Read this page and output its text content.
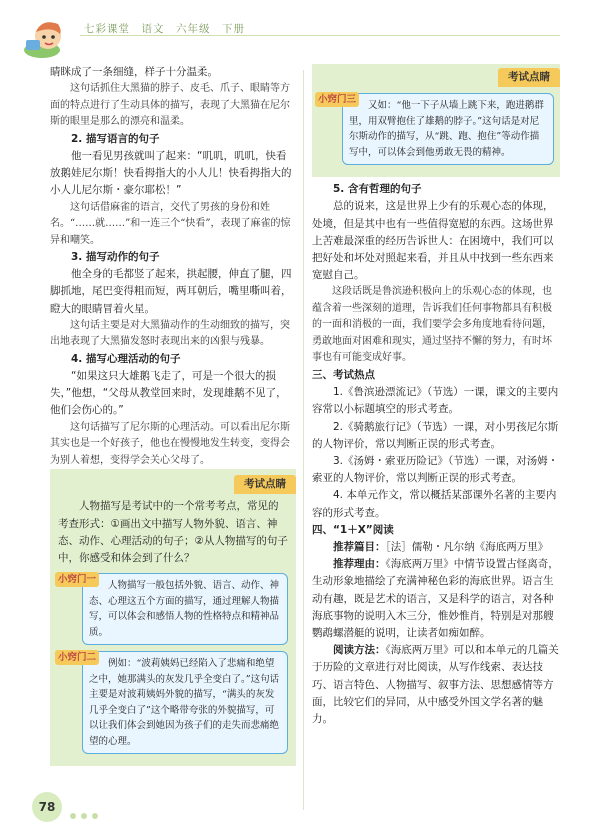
七彩课堂　语文　六年级　下册

睛眯成了一条细缝，样子十分温柔。

这句话抓住大黑猫的脖子、皮毛、爪子、眼睛等方面的特点进行了生动具体的描写，表现了大黑猫在尼尔斯的眼里是那么的漂亮和温柔。

2. 描写语言的句子

他一看见男孩就叫了起来：“叽叽，叽叽，快看放鹅娃尼尔斯！快看拇指大的小人儿！快看拇指大的小人儿尼尔斯・豪尔耶松！”

这句话借麻雀的语言，交代了男孩的身份和姓名。“……就……”和一连三个“快看”，表现了麻雀的惊异和嘲笑。

3. 描写动作的句子

他全身的毛都竖了起来，拱起腰，伸直了腿，四脚抓地，尾巴变得粗而短，两耳朝后，嘴里嘶叫着，瞪大的眼睛冒着火星。

这句话主要是对大黑猫动作的生动细致的描写，突出地表现了大黑猫发怒时表现出来的凶狠与残暴。

4. 描写心理活动的句子

“如果这只大雄鹅飞走了，可是一个很大的损失，”他想，“父母从教堂回来时，发现雄鹅不见了，他们会伤心的。”

这句话描写了尼尔斯的心理活动。可以看出尼尔斯其实也是一个好孩子，他也在慢慢地发生转变，变得会为别人着想，变得学会关心父母了。

考试点睛

人物描写是考试中的一个常考考点，常见的考查形式：①画出文中描写人物外貌、语言、神态、动作、心理活动的句子；②从人物描写的句子中，你感受和体会到了什么？

小窍门一

人物描写一般包括外貌、语言、动作、神态、心理这五个方面的描写，通过理解人物描写，可以体会和感悟人物的性格特点和精神品质。

小窍门二

例如：“波莉姨妈已经陷入了悲痛和绝望之中，她那满头的灰发几乎全变白了。”这句话主要是对波莉姨妈外貌的描写，“满头的灰发几乎全变白了”这个略带夸张的外貌描写，可以让我们体会到她因为孩子们的走失而悲痛绝望的心理。

考试点睛
小窍门三

又如：“他一下子从墙上跳下来，跑进鹅群里，用双臂抱住了雄鹅的脖子。”这句话是对尼尔斯动作的描写，从“跳、跑、抱住”等动作描写中，可以体会到他勇敢无畏的精神。

5. 含有哲理的句子

总的说来，这是世界上少有的乐观心态的体现，处境，但是其中也有一些值得宽慰的东西。这场世界上苦难最深重的经历告诉世人：在困境中，我们可以把好处和坏处对照起来看，并且从中找到一些东西来宽慰自己。

这段话既是鲁滨逊积极向上的乐观心态的体现，也蕴含着一些深刻的道理，告诉我们任何事物都具有积极的一面和消极的一面，我们要学会多角度地看待问题，勇敢地面对困难和现实，通过坚持不懈的努力，有时坏事也有可能变成好事。

三、考试热点

1.《鲁滨逊漂流记》（节选）一课，课文的主要内容常以小标题填空的形式考查。

2.《骑鹅旅行记》（节选）一课，对小男孩尼尔斯的人物评价，常以判断正误的形式考查。

3.《汤姆・索亚历险记》（节选）一课，对汤姆・索亚的人物评价，常以判断正误的形式考查。

4. 本单元作文，常以概括某部课外名著的主要内容的形式考查。

四、“1＋X”阅读

推荐篇目：［法］儒勒・凡尔纳《海底两万里》

推荐理由：《海底两万里》中情节设置古怪离奇，生动形象地描绘了充满神秘色彩的海底世界。语言生动有趣，既是艺术的语言，又是科学的语言，对各种海底事物的说明入木三分，惟妙惟肖，特别是对那艘鹦鹉螺潜艇的说明，让读者如痴如醉。

阅读方法：《海底两万里》可以和本单元的几篇关于历险的文章进行对比阅读，从写作线索、表达技巧、语言特色、人物描写、叙事方法、思想感情等方面，比较它们的异同，从中感受外国文学名著的魅力。

78
